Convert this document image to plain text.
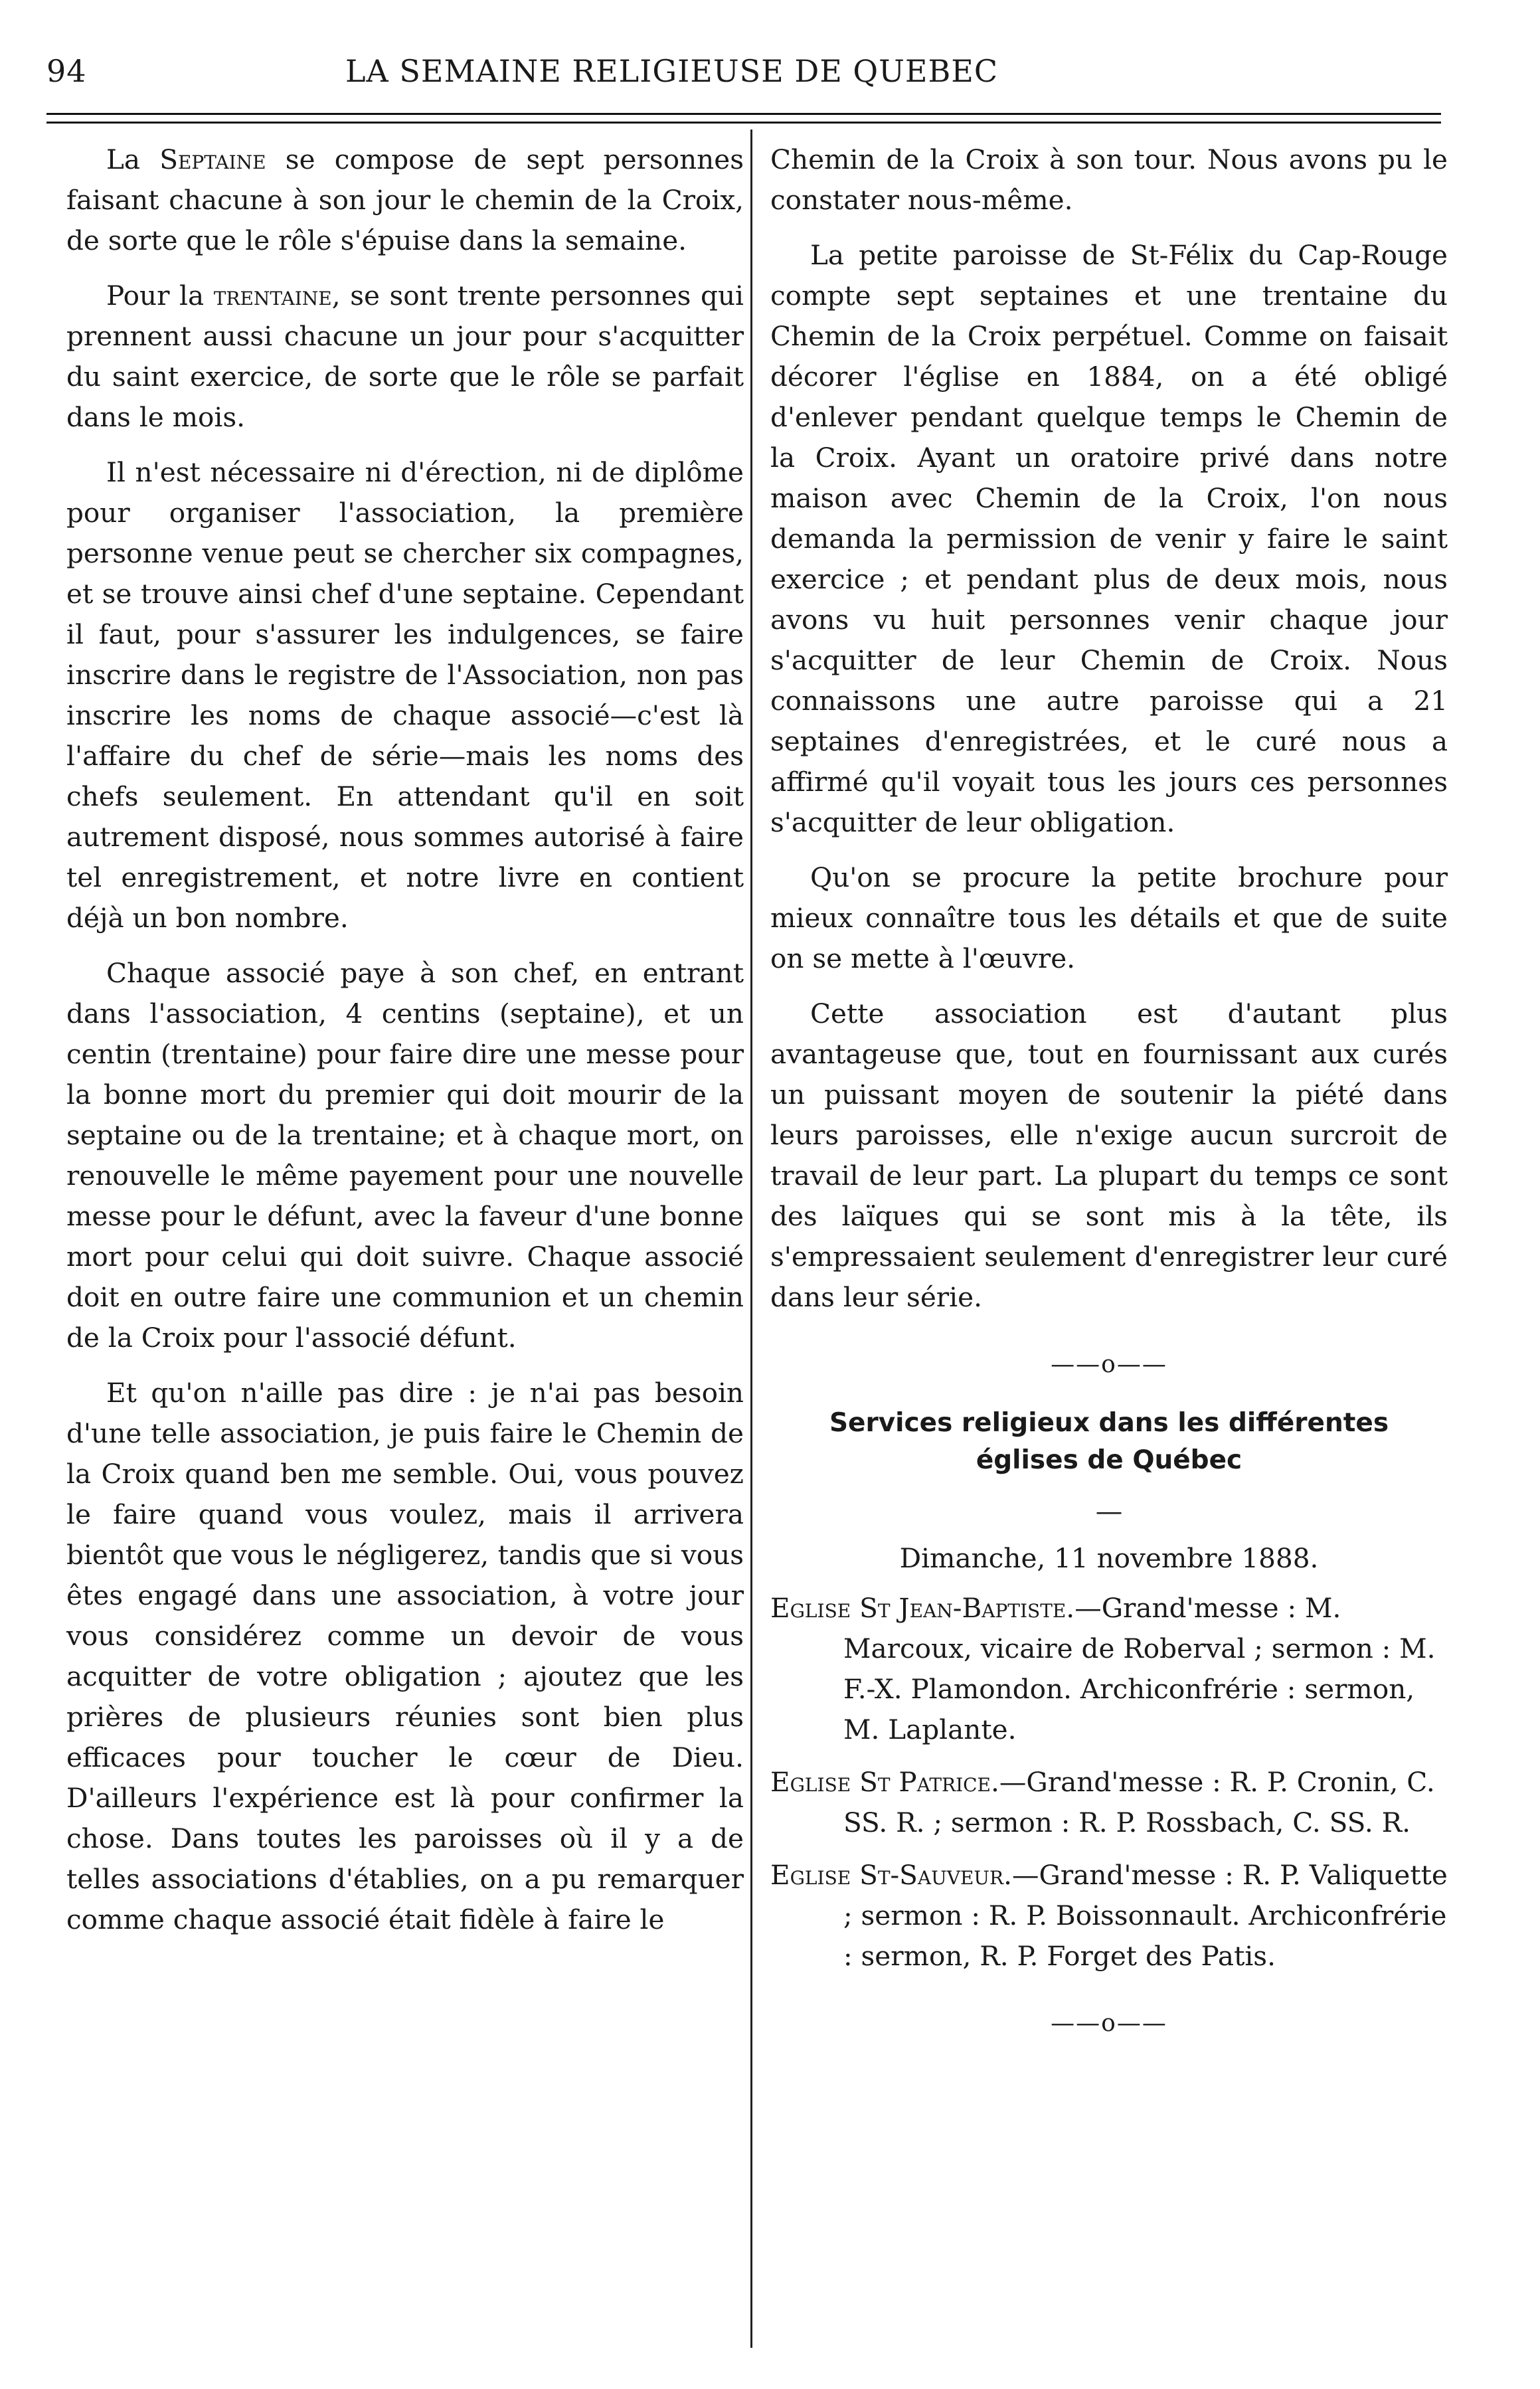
94	LA SEMAINE RELIGIEUSE DE QUEBEC

La Septaine se compose de sept personnes faisant chacune à son jour le chemin de la Croix, de sorte que le rôle s'épuise dans la semaine.

Pour la trentaine, se sont trente personnes qui prennent aussi chacune un jour pour s'acquitter du saint exercice, de sorte que le rôle se parfait dans le mois.

Il n'est nécessaire ni d'érection, ni de diplôme pour organiser l'association, la première personne venue peut se chercher six compagnes, et se trouve ainsi chef d'une septaine. Cependant il faut, pour s'assurer les indulgences, se faire inscrire dans le registre de l'Association, non pas inscrire les noms de chaque associé—c'est là l'affaire du chef de série—mais les noms des chefs seulement. En attendant qu'il en soit autrement disposé, nous sommes autorisé à faire tel enregistrement, et notre livre en contient déjà un bon nombre.

Chaque associé paye à son chef, en entrant dans l'association, 4 centins (septaine), et un centin (trentaine) pour faire dire une messe pour la bonne mort du premier qui doit mourir de la septaine ou de la trentaine; et à chaque mort, on renouvelle le même payement pour une nouvelle messe pour le défunt, avec la faveur d'une bonne mort pour celui qui doit suivre. Chaque associé doit en outre faire une communion et un chemin de la Croix pour l'associé défunt.

Et qu'on n'aille pas dire : je n'ai pas besoin d'une telle association, je puis faire le Chemin de la Croix quand ben me semble. Oui, vous pouvez le faire quand vous voulez, mais il arrivera bientôt que vous le négligerez, tandis que si vous êtes engagé dans une association, à votre jour vous considérez comme un devoir de vous acquitter de votre obligation ; ajoutez que les prières de plusieurs réunies sont bien plus efficaces pour toucher le cœur de Dieu. D'ailleurs l'expérience est là pour confirmer la chose. Dans toutes les paroisses où il y a de telles associations d'établies, on a pu remarquer comme chaque associé était fidèle à faire le

Chemin de la Croix à son tour. Nous avons pu le constater nous-même.

La petite paroisse de St-Félix du Cap-Rouge compte sept septaines et une trentaine du Chemin de la Croix perpétuel. Comme on faisait décorer l'église en 1884, on a été obligé d'enlever pendant quelque temps le Chemin de la Croix. Ayant un oratoire privé dans notre maison avec Chemin de la Croix, l'on nous demanda la permission de venir y faire le saint exercice ; et pendant plus de deux mois, nous avons vu huit personnes venir chaque jour s'acquitter de leur Chemin de Croix. Nous connaissons une autre paroisse qui a 21 septaines d'enregistrées, et le curé nous a affirmé qu'il voyait tous les jours ces personnes s'acquitter de leur obligation.

Qu'on se procure la petite brochure pour mieux connaître tous les détails et que de suite on se mette à l'œuvre.

Cette association est d'autant plus avantageuse que, tout en fournissant aux curés un puissant moyen de soutenir la piété dans leurs paroisses, elle n'exige aucun surcroit de travail de leur part. La plupart du temps ce sont des laïques qui se sont mis à la tête, ils s'empressaient seulement d'enregistrer leur curé dans leur série.

——o——
Services religieux dans les différentes
églises de Québec
—
Dimanche, 11 novembre 1888.
Eglise St Jean-Baptiste.—Grand'messe : M. Marcoux, vicaire de Roberval ; sermon : M. F.-X. Plamondon. Archiconfrérie : sermon, M. Laplante.
Eglise St Patrice.—Grand'messe : R. P. Cronin, C. SS. R. ; sermon : R. P. Rossbach, C. SS. R.
Eglise St-Sauveur.—Grand'messe : R. P. Valiquette ; sermon : R. P. Boissonnault. Archiconfrérie : sermon, R. P. Forget des Patis.
——o——
